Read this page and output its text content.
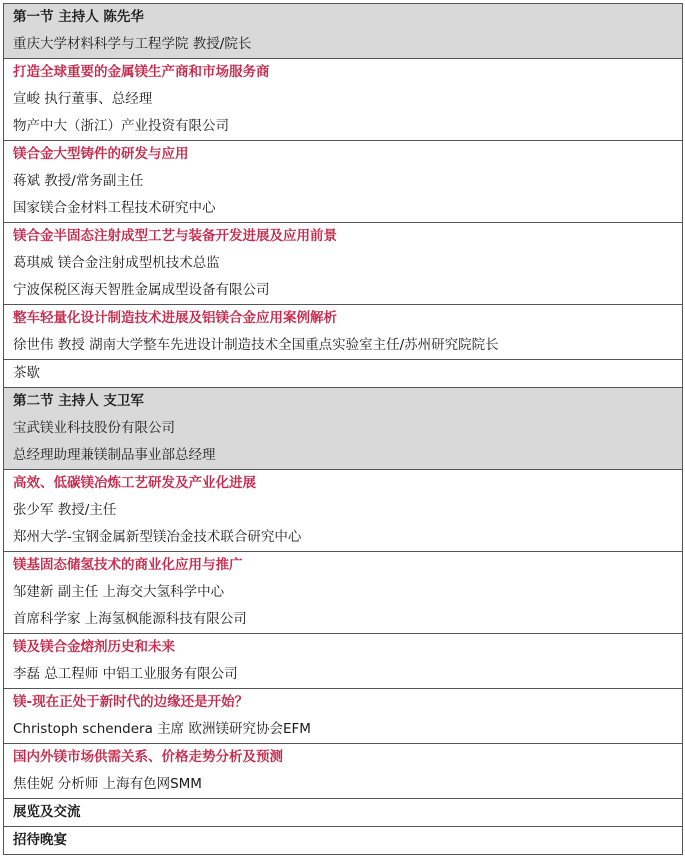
第一节 主持人 陈先华
重庆大学材料科学与工程学院 教授/院长
打造全球重要的金属镁生产商和市场服务商
宣峻 执行董事、总经理
物产中大（浙江）产业投资有限公司
镁合金大型铸件的研发与应用
蒋斌 教授/常务副主任
国家镁合金材料工程技术研究中心
镁合金半固态注射成型工艺与装备开发进展及应用前景
葛琪威 镁合金注射成型机技术总监
宁波保税区海天智胜金属成型设备有限公司
整车轻量化设计制造技术进展及铝镁合金应用案例解析
徐世伟 教授 湖南大学整车先进设计制造技术全国重点实验室主任/苏州研究院院长
茶歇
第二节 主持人 支卫军
宝武镁业科技股份有限公司
总经理助理兼镁制品事业部总经理
高效、低碳镁冶炼工艺研发及产业化进展
张少军 教授/主任
郑州大学-宝钢金属新型镁冶金技术联合研究中心
镁基固态储氢技术的商业化应用与推广
邹建新 副主任 上海交大氢科学中心
首席科学家 上海氢枫能源科技有限公司
镁及镁合金熔剂历史和未来
李磊 总工程师 中铝工业服务有限公司
镁-现在正处于新时代的边缘还是开始？
Christoph schendera 主席 欧洲镁研究协会EFM
国内外镁市场供需关系、价格走势分析及预测
焦佳妮 分析师 上海有色网SMM
展览及交流
招待晚宴
